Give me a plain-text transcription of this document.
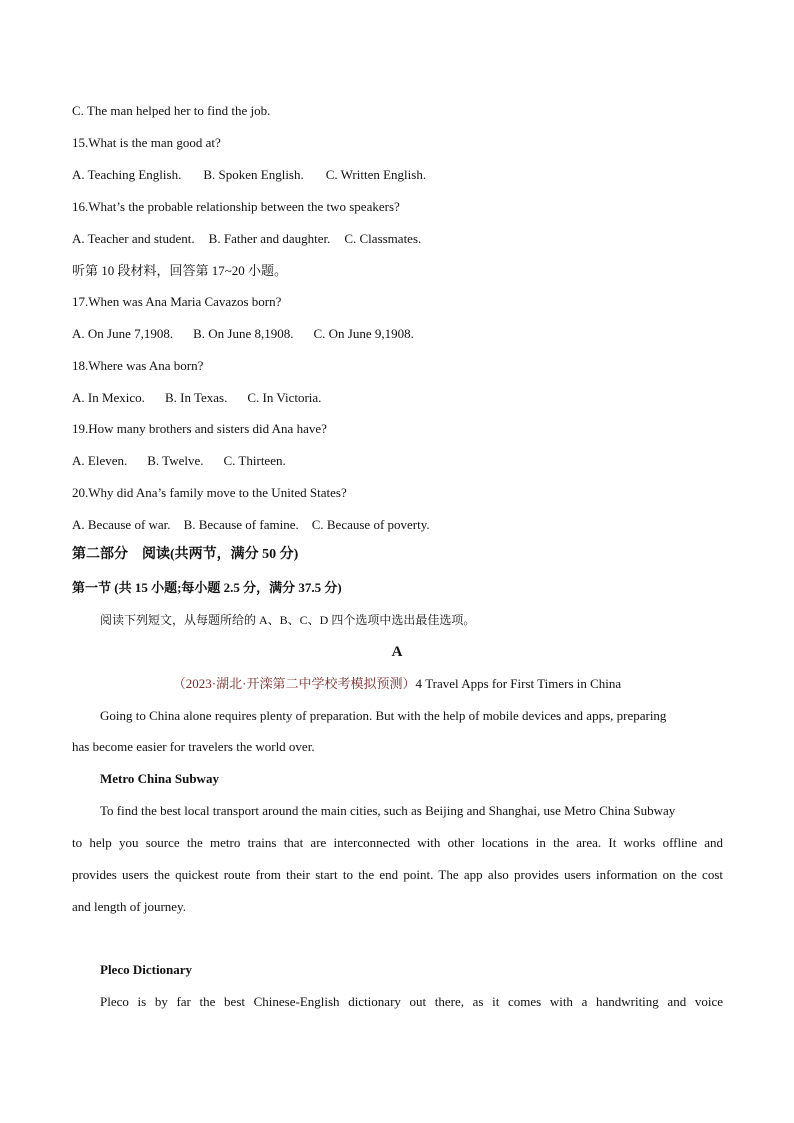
C. The man helped her to find the job.
15.What is the man good at?
A. Teaching English. B. Spoken English. C. Written English.
16.What’s the probable relationship between the two speakers?
A. Teacher and student. B. Father and daughter. C. Classmates.
听第 10 段材料，回答第 17~20 小题。
17.When was Ana Maria Cavazos born?
A. On June 7,1908. B. On June 8,1908. C. On June 9,1908.
18.Where was Ana born?
A. In Mexico. B. In Texas. C. In Victoria.
19.How many brothers and sisters did Ana have?
A. Eleven. B. Twelve. C. Thirteen.
20.Why did Ana’s family move to the United States?
A. Because of war. B. Because of famine. C. Because of poverty.
第二部分　阅读(共两节，满分 50 分)
第一节 (共 15 小题;每小题 2.5 分，满分 37.5 分)
阅读下列短文，从每题所给的 A、B、C、D 四个选项中选出最佳选项。
A
（2023·湖北·开滦第二中学校考模拟预测）4 Travel Apps for First Timers in China
Going to China alone requires plenty of preparation. But with the help of mobile devices and apps, preparing
has become easier for travelers the world over.
Metro China Subway
To find the best local transport around the main cities, such as Beijing and Shanghai, use Metro China Subway
to help you source the metro trains that are interconnected with other locations in the area. It works offline and
provides users the quickest route from their start to the end point. The app also provides users information on the cost
and length of journey.
Pleco Dictionary
Pleco is by far the best Chinese-English dictionary out there, as it comes with a handwriting and voice
